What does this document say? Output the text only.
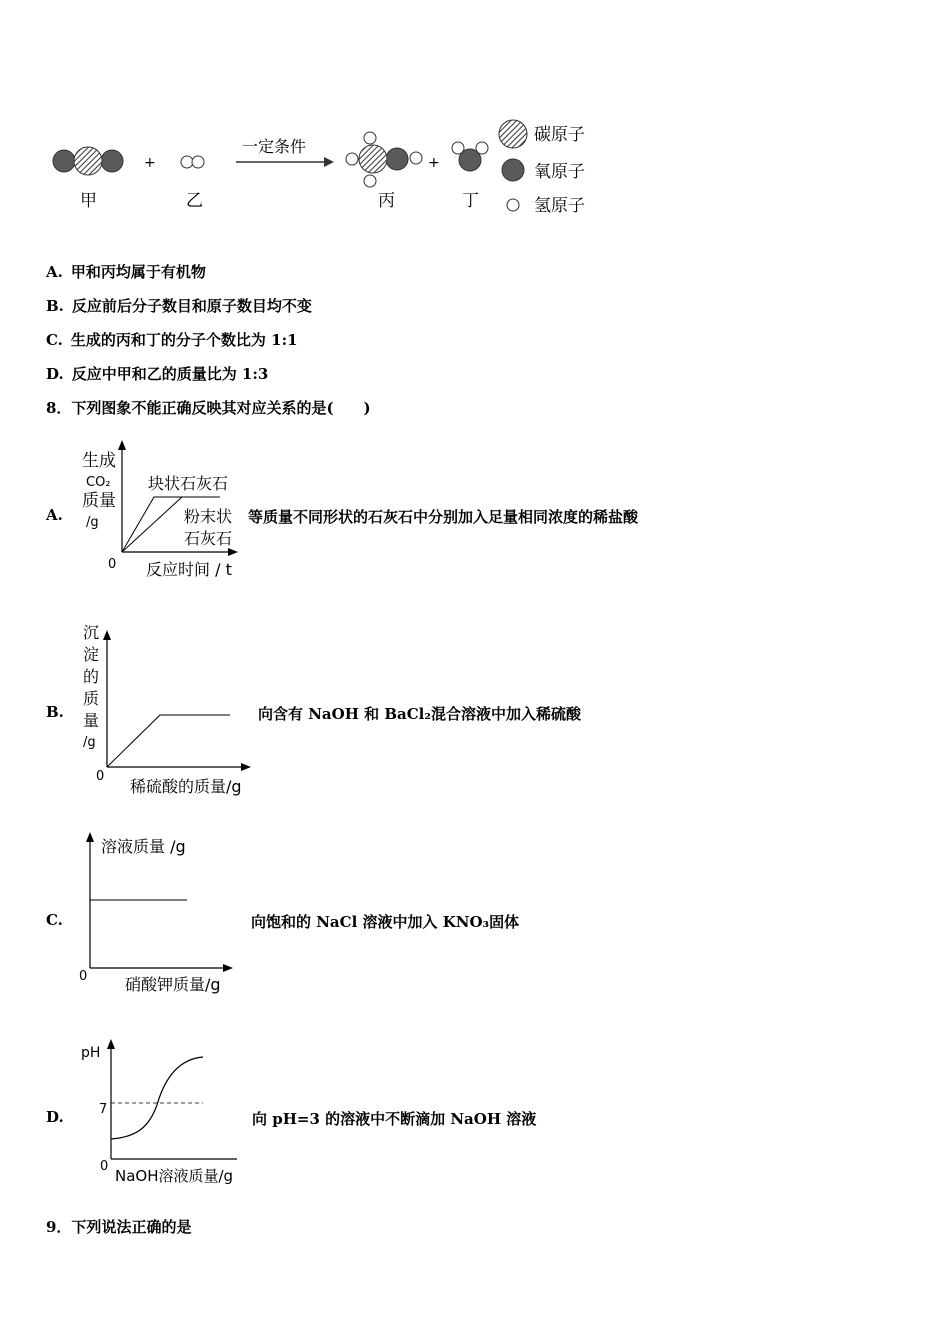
+
一定条件
+
甲	乙	丙	丁
碳原子
氧原子
氢原子
A. 甲和丙均属于有机物
B. 反应前后分子数目和原子数目均不变
C. 生成的丙和丁的分子个数比为 1:1
D. 反应中甲和乙的质量比为 1:3
8．下列图象不能正确反映其对应关系的是(　　)
A.
生成
CO₂
质量
/g
0
块状石灰石
粉末状
石灰石
反应时间 / t
等质量不同形状的石灰石中分别加入足量相同浓度的稀盐酸
B.
沉
淀
的
质
量
/g
0
稀硫酸的质量/g
向含有 NaOH 和 BaCl₂混合溶液中加入稀硫酸
C.
溶液质量 /g
0 硝酸钾质量/g
向饱和的 NaCl 溶液中加入 KNO₃固体
D.
pH
7
0
NaOH溶液质量/g
向 pH=3 的溶液中不断滴加 NaOH 溶液
9．下列说法正确的是
